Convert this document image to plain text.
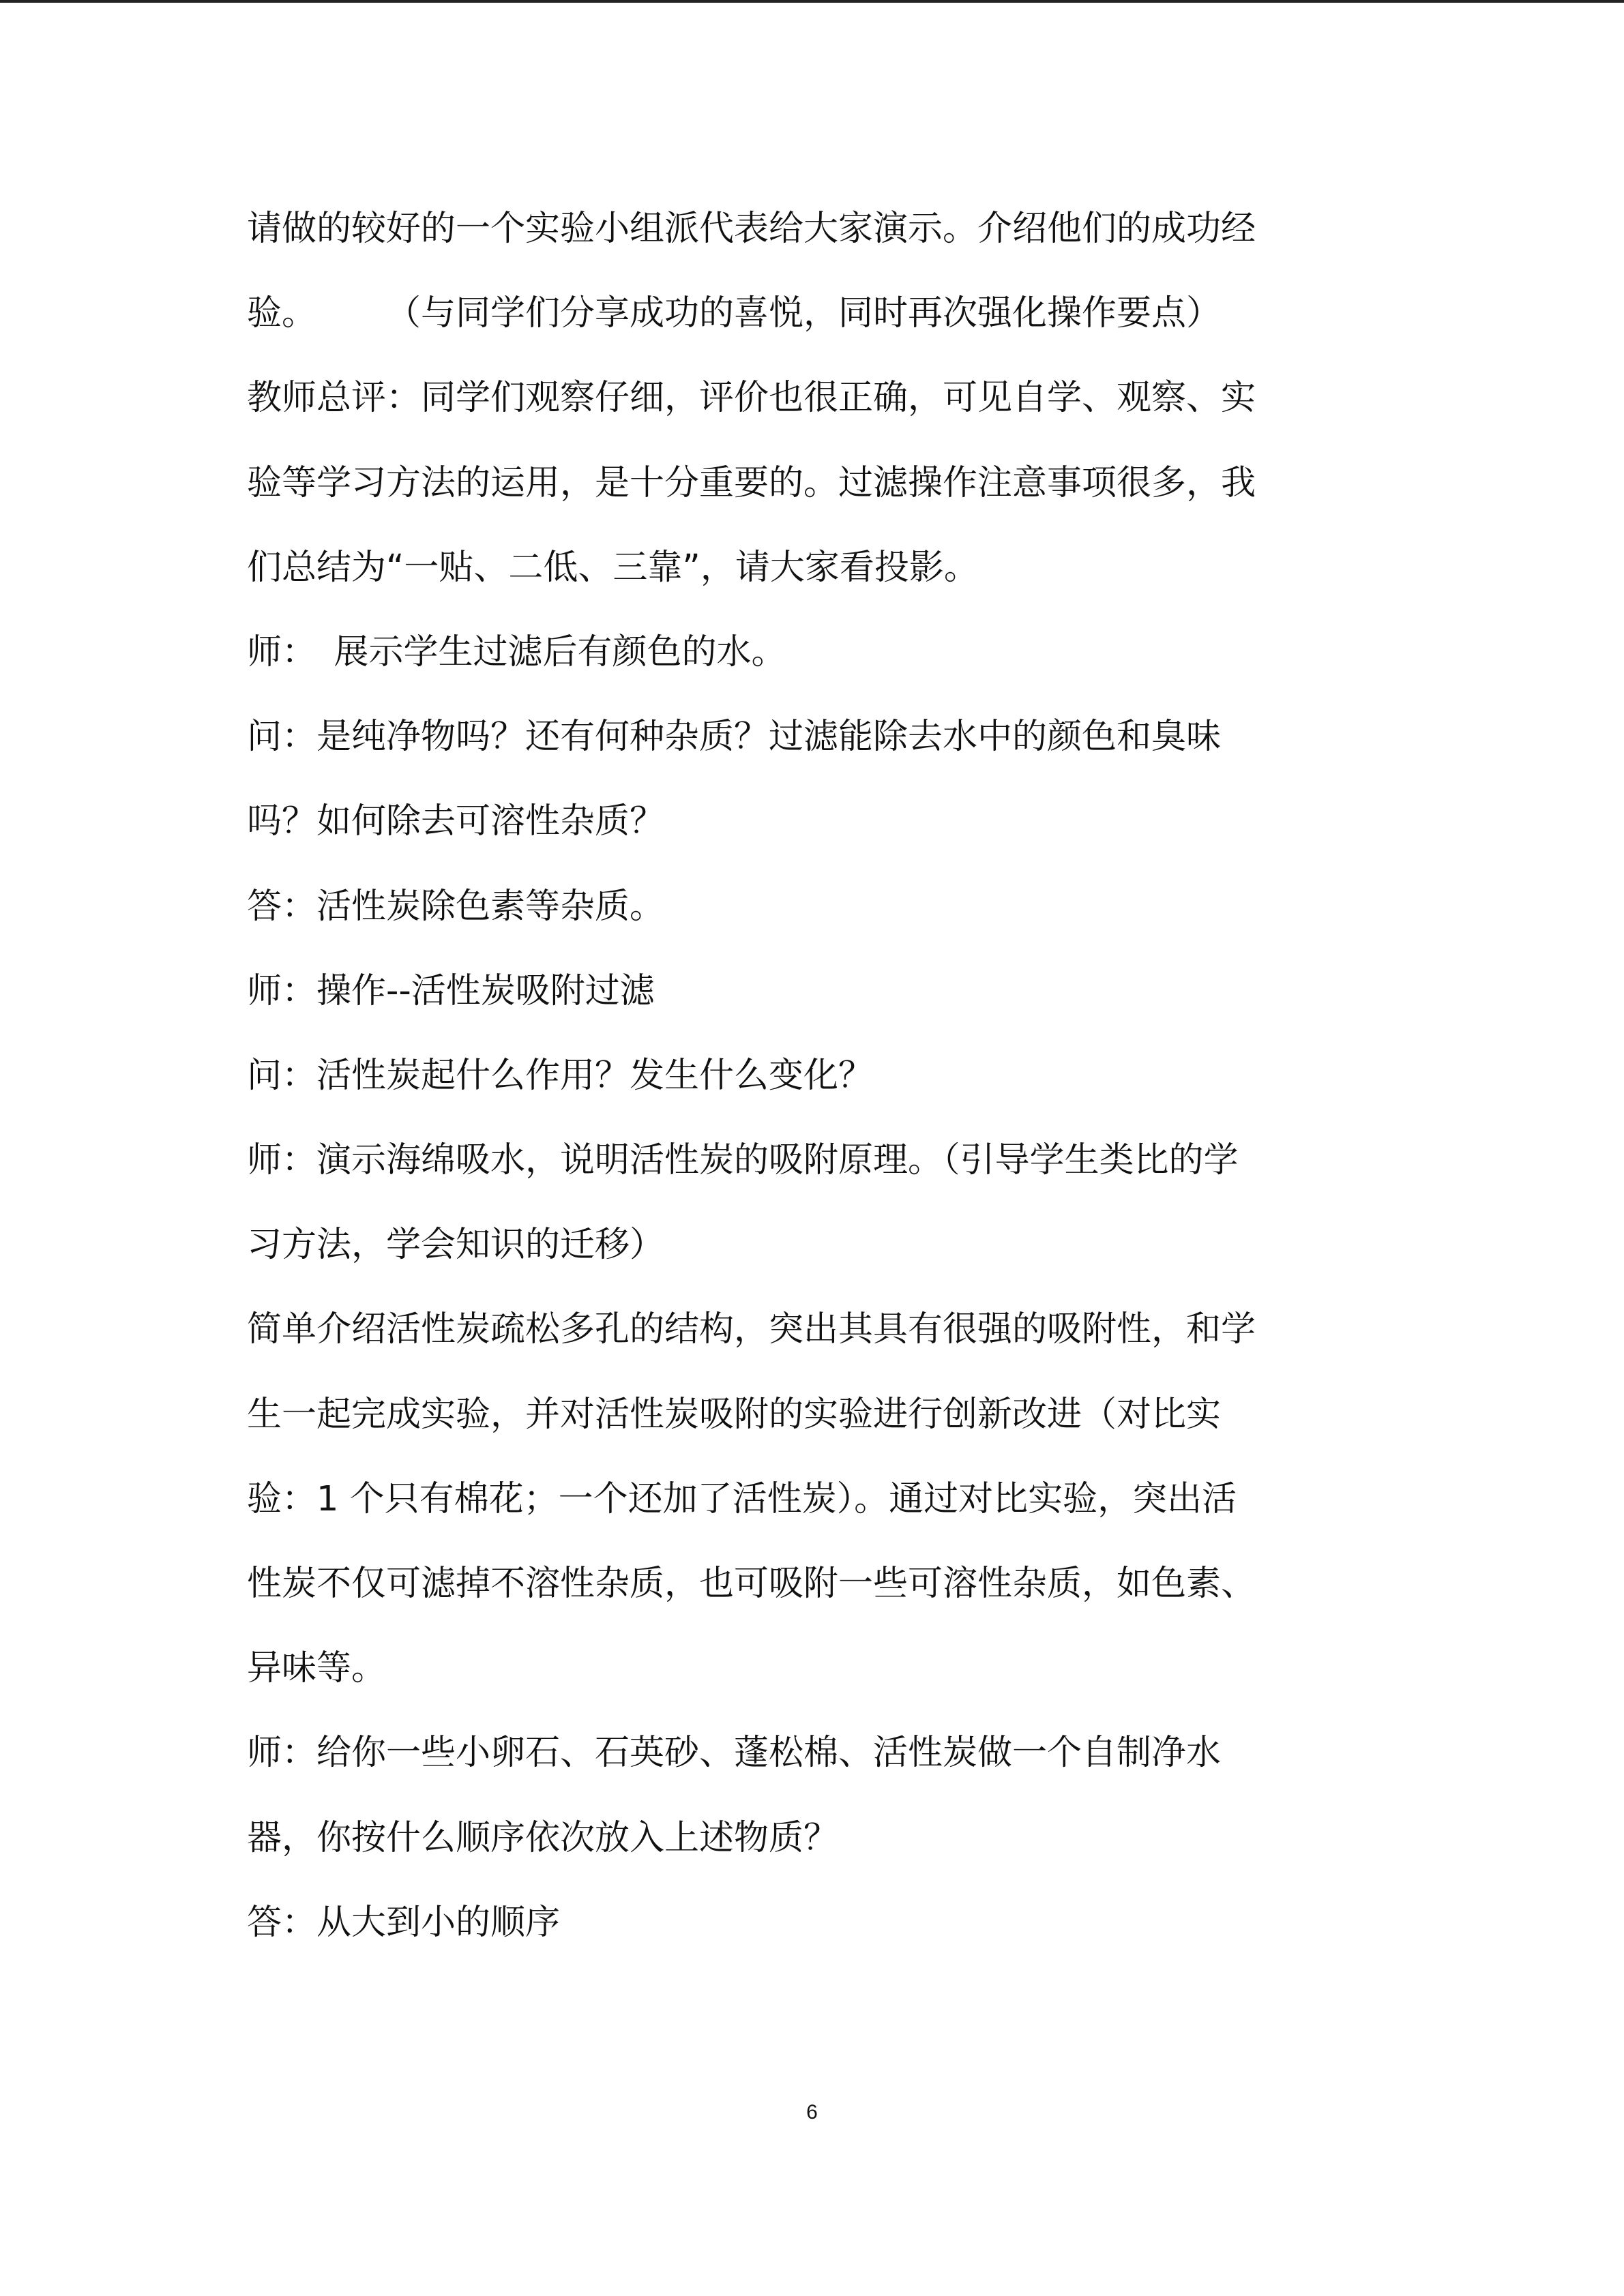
请做的较好的一个实验小组派代表给大家演示。介绍他们的成功经
验。　　　（与同学们分享成功的喜悦，同时再次强化操作要点）
教师总评：同学们观察仔细，评价也很正确，可见自学、观察、实
验等学习方法的运用，是十分重要的。过滤操作注意事项很多，我
们总结为“一贴、二低、三靠”，请大家看投影。
师：　展示学生过滤后有颜色的水。
问：是纯净物吗？还有何种杂质？过滤能除去水中的颜色和臭味
吗？如何除去可溶性杂质？
答：活性炭除色素等杂质。
师：操作--活性炭吸附过滤
问：活性炭起什么作用？发生什么变化？
师：演示海绵吸水，说明活性炭的吸附原理。（引导学生类比的学
习方法，学会知识的迁移）
简单介绍活性炭疏松多孔的结构，突出其具有很强的吸附性，和学
生一起完成实验，并对活性炭吸附的实验进行创新改进（对比实
验：1 个只有棉花；一个还加了活性炭）。通过对比实验，突出活
性炭不仅可滤掉不溶性杂质，也可吸附一些可溶性杂质，如色素、
异味等。
师：给你一些小卵石、石英砂、蓬松棉、活性炭做一个自制净水
器，你按什么顺序依次放入上述物质？
答：从大到小的顺序
6
